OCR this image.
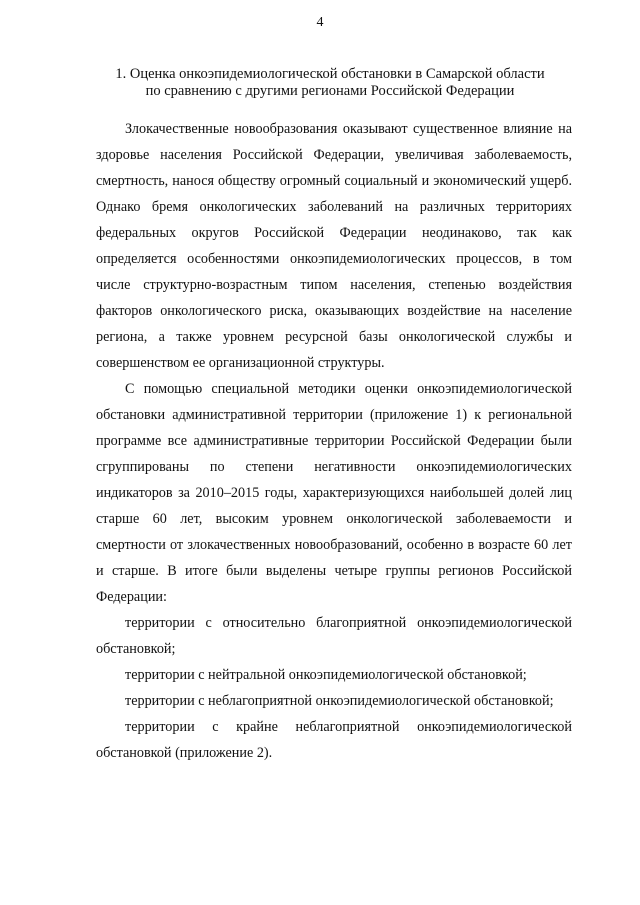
4
1. Оценка онкоэпидемиологической обстановки в Самарской области
по сравнению с другими регионами Российской Федерации

Злокачественные новообразования оказывают существенное влияние на здоровье населения Российской Федерации, увеличивая заболеваемость, смертность, нанося обществу огромный социальный и экономический ущерб. Однако бремя онкологических заболеваний на различных территориях федеральных округов Российской Федерации неодинаково, так как определяется особенностями онкоэпидемиологических процессов, в том числе структурно-возрастным типом населения, степенью воздействия факторов онкологического риска, оказывающих воздействие на население региона, а также уровнем ресурсной базы онкологической службы и совершенством ее организационной структуры.

С помощью специальной методики оценки онкоэпидемиологической обстановки административной территории (приложение 1) к региональной программе все административные территории Российской Федерации были сгруппированы по степени негативности онкоэпидемиологических индикаторов за 2010–2015 годы, характеризующихся наибольшей долей лиц старше 60 лет, высоким уровнем онкологической заболеваемости и смертности от злокачественных новообразований, особенно в возрасте 60 лет и старше. В итоге были выделены четыре группы регионов Российской Федерации:

территории с относительно благоприятной онкоэпидемиологической обстановкой;

территории с нейтральной онкоэпидемиологической обстановкой;

территории с неблагоприятной онкоэпидемиологической обстановкой;

территории с крайне неблагоприятной онкоэпидемиологической обстановкой (приложение 2).
